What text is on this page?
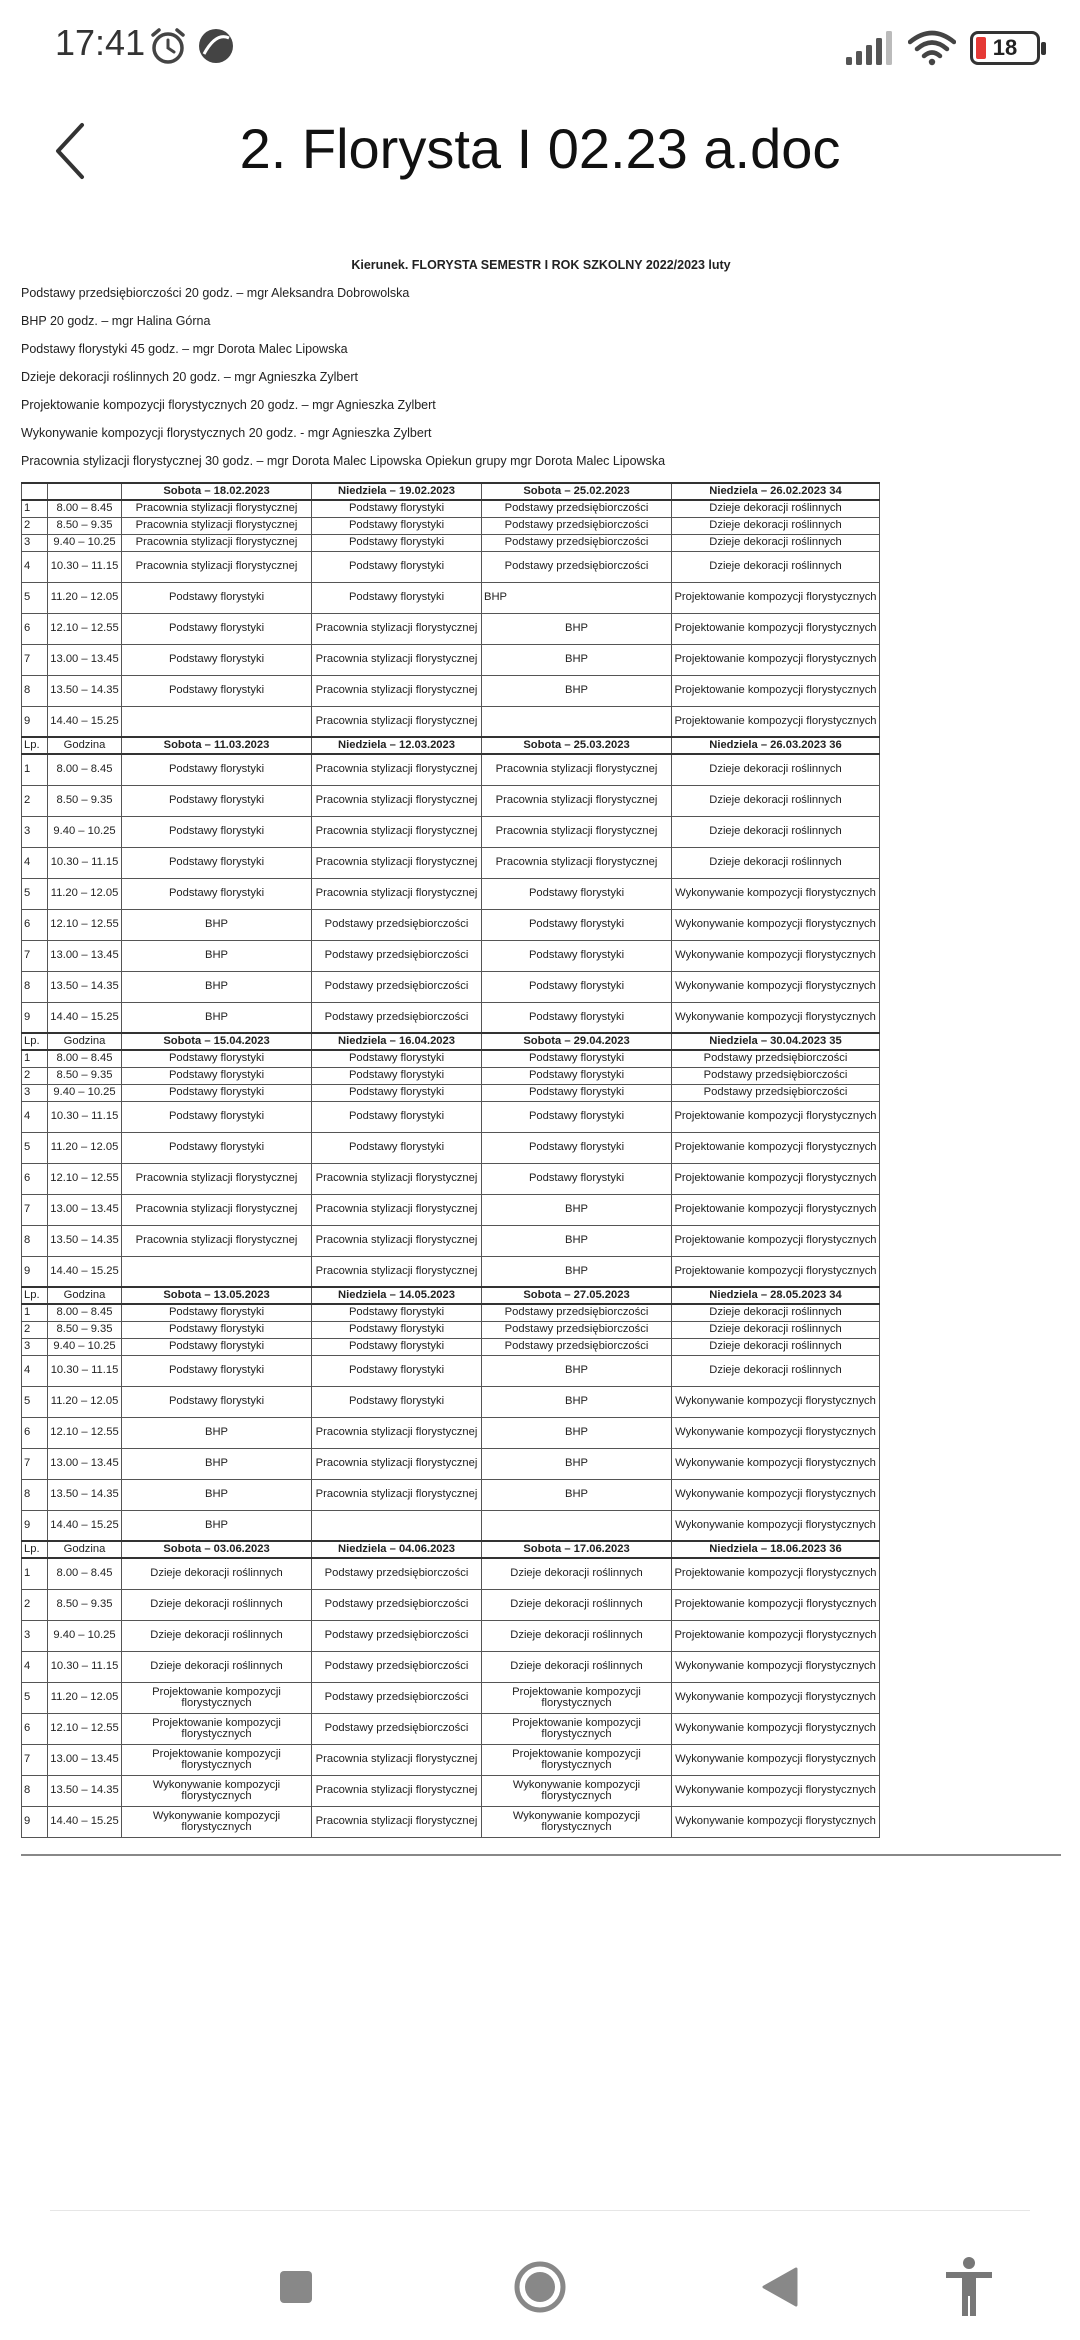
17:41	18
2. Florysta I 02.23 a.doc
Kierunek. FLORYSTA SEMESTR I ROK SZKOLNY 2022/2023 luty
Podstawy przedsiębiorczości 20 godz. – mgr Aleksandra Dobrowolska
BHP 20 godz. – mgr Halina Górna
Podstawy florystyki 45 godz. – mgr Dorota Malec Lipowska
Dzieje dekoracji roślinnych 20 godz. – mgr Agnieszka Zylbert
Projektowanie kompozycji florystycznych 20 godz. – mgr Agnieszka Zylbert
Wykonywanie kompozycji florystycznych 20 godz. - mgr Agnieszka Zylbert
Pracownia stylizacji florystycznej 30 godz. – mgr Dorota Malec Lipowska Opiekun grupy mgr Dorota Malec Lipowska
		Sobota – 18.02.2023	Niedziela – 19.02.2023	Sobota – 25.02.2023	Niedziela – 26.02.2023 34
1	8.00 – 8.45	Pracownia stylizacji florystycznej	Podstawy florystyki	Podstawy przedsiębiorczości	Dzieje dekoracji roślinnych
2	8.50 – 9.35	Pracownia stylizacji florystycznej	Podstawy florystyki	Podstawy przedsiębiorczości	Dzieje dekoracji roślinnych
3	9.40 – 10.25	Pracownia stylizacji florystycznej	Podstawy florystyki	Podstawy przedsiębiorczości	Dzieje dekoracji roślinnych
4	10.30 – 11.15	Pracownia stylizacji florystycznej	Podstawy florystyki	Podstawy przedsiębiorczości	Dzieje dekoracji roślinnych
5	11.20 – 12.05	Podstawy florystyki	Podstawy florystyki	BHP	Projektowanie kompozycji florystycznych
6	12.10 – 12.55	Podstawy florystyki	Pracownia stylizacji florystycznej	BHP	Projektowanie kompozycji florystycznych
7	13.00 – 13.45	Podstawy florystyki	Pracownia stylizacji florystycznej	BHP	Projektowanie kompozycji florystycznych
8	13.50 – 14.35	Podstawy florystyki	Pracownia stylizacji florystycznej	BHP	Projektowanie kompozycji florystycznych
9	14.40 – 15.25		Pracownia stylizacji florystycznej		Projektowanie kompozycji florystycznych
Lp.	Godzina	Sobota – 11.03.2023	Niedziela – 12.03.2023	Sobota – 25.03.2023	Niedziela – 26.03.2023 36
1	8.00 – 8.45	Podstawy florystyki	Pracownia stylizacji florystycznej	Pracownia stylizacji florystycznej	Dzieje dekoracji roślinnych
2	8.50 – 9.35	Podstawy florystyki	Pracownia stylizacji florystycznej	Pracownia stylizacji florystycznej	Dzieje dekoracji roślinnych
3	9.40 – 10.25	Podstawy florystyki	Pracownia stylizacji florystycznej	Pracownia stylizacji florystycznej	Dzieje dekoracji roślinnych
4	10.30 – 11.15	Podstawy florystyki	Pracownia stylizacji florystycznej	Pracownia stylizacji florystycznej	Dzieje dekoracji roślinnych
5	11.20 – 12.05	Podstawy florystyki	Pracownia stylizacji florystycznej	Podstawy florystyki	Wykonywanie kompozycji florystycznych
6	12.10 – 12.55	BHP	Podstawy przedsiębiorczości	Podstawy florystyki	Wykonywanie kompozycji florystycznych
7	13.00 – 13.45	BHP	Podstawy przedsiębiorczości	Podstawy florystyki	Wykonywanie kompozycji florystycznych
8	13.50 – 14.35	BHP	Podstawy przedsiębiorczości	Podstawy florystyki	Wykonywanie kompozycji florystycznych
9	14.40 – 15.25	BHP	Podstawy przedsiębiorczości	Podstawy florystyki	Wykonywanie kompozycji florystycznych
Lp.	Godzina	Sobota – 15.04.2023	Niedziela – 16.04.2023	Sobota – 29.04.2023	Niedziela – 30.04.2023 35
1	8.00 – 8.45	Podstawy florystyki	Podstawy florystyki	Podstawy florystyki	Podstawy przedsiębiorczości
2	8.50 – 9.35	Podstawy florystyki	Podstawy florystyki	Podstawy florystyki	Podstawy przedsiębiorczości
3	9.40 – 10.25	Podstawy florystyki	Podstawy florystyki	Podstawy florystyki	Podstawy przedsiębiorczości
4	10.30 – 11.15	Podstawy florystyki	Podstawy florystyki	Podstawy florystyki	Projektowanie kompozycji florystycznych
5	11.20 – 12.05	Podstawy florystyki	Podstawy florystyki	Podstawy florystyki	Projektowanie kompozycji florystycznych
6	12.10 – 12.55	Pracownia stylizacji florystycznej	Pracownia stylizacji florystycznej	Podstawy florystyki	Projektowanie kompozycji florystycznych
7	13.00 – 13.45	Pracownia stylizacji florystycznej	Pracownia stylizacji florystycznej	BHP	Projektowanie kompozycji florystycznych
8	13.50 – 14.35	Pracownia stylizacji florystycznej	Pracownia stylizacji florystycznej	BHP	Projektowanie kompozycji florystycznych
9	14.40 – 15.25		Pracownia stylizacji florystycznej	BHP	Projektowanie kompozycji florystycznych
Lp.	Godzina	Sobota – 13.05.2023	Niedziela – 14.05.2023	Sobota – 27.05.2023	Niedziela – 28.05.2023 34
1	8.00 – 8.45	Podstawy florystyki	Podstawy florystyki	Podstawy przedsiębiorczości	Dzieje dekoracji roślinnych
2	8.50 – 9.35	Podstawy florystyki	Podstawy florystyki	Podstawy przedsiębiorczości	Dzieje dekoracji roślinnych
3	9.40 – 10.25	Podstawy florystyki	Podstawy florystyki	Podstawy przedsiębiorczości	Dzieje dekoracji roślinnych
4	10.30 – 11.15	Podstawy florystyki	Podstawy florystyki	BHP	Dzieje dekoracji roślinnych
5	11.20 – 12.05	Podstawy florystyki	Podstawy florystyki	BHP	Wykonywanie kompozycji florystycznych
6	12.10 – 12.55	BHP	Pracownia stylizacji florystycznej	BHP	Wykonywanie kompozycji florystycznych
7	13.00 – 13.45	BHP	Pracownia stylizacji florystycznej	BHP	Wykonywanie kompozycji florystycznych
8	13.50 – 14.35	BHP	Pracownia stylizacji florystycznej	BHP	Wykonywanie kompozycji florystycznych
9	14.40 – 15.25	BHP			Wykonywanie kompozycji florystycznych
Lp.	Godzina	Sobota – 03.06.2023	Niedziela – 04.06.2023	Sobota – 17.06.2023	Niedziela – 18.06.2023 36
1	8.00 – 8.45	Dzieje dekoracji roślinnych	Podstawy przedsiębiorczości	Dzieje dekoracji roślinnych	Projektowanie kompozycji florystycznych
2	8.50 – 9.35	Dzieje dekoracji roślinnych	Podstawy przedsiębiorczości	Dzieje dekoracji roślinnych	Projektowanie kompozycji florystycznych
3	9.40 – 10.25	Dzieje dekoracji roślinnych	Podstawy przedsiębiorczości	Dzieje dekoracji roślinnych	Projektowanie kompozycji florystycznych
4	10.30 – 11.15	Dzieje dekoracji roślinnych	Podstawy przedsiębiorczości	Dzieje dekoracji roślinnych	Wykonywanie kompozycji florystycznych
5	11.20 – 12.05	Projektowanie kompozycji florystycznych	Podstawy przedsiębiorczości	Projektowanie kompozycji florystycznych	Wykonywanie kompozycji florystycznych
6	12.10 – 12.55	Projektowanie kompozycji florystycznych	Podstawy przedsiębiorczości	Projektowanie kompozycji florystycznych	Wykonywanie kompozycji florystycznych
7	13.00 – 13.45	Projektowanie kompozycji florystycznych	Pracownia stylizacji florystycznej	Projektowanie kompozycji florystycznych	Wykonywanie kompozycji florystycznych
8	13.50 – 14.35	Wykonywanie kompozycji florystycznych	Pracownia stylizacji florystycznej	Wykonywanie kompozycji florystycznych	Wykonywanie kompozycji florystycznych
9	14.40 – 15.25	Wykonywanie kompozycji florystycznych	Pracownia stylizacji florystycznej	Wykonywanie kompozycji florystycznych	Wykonywanie kompozycji florystycznych
